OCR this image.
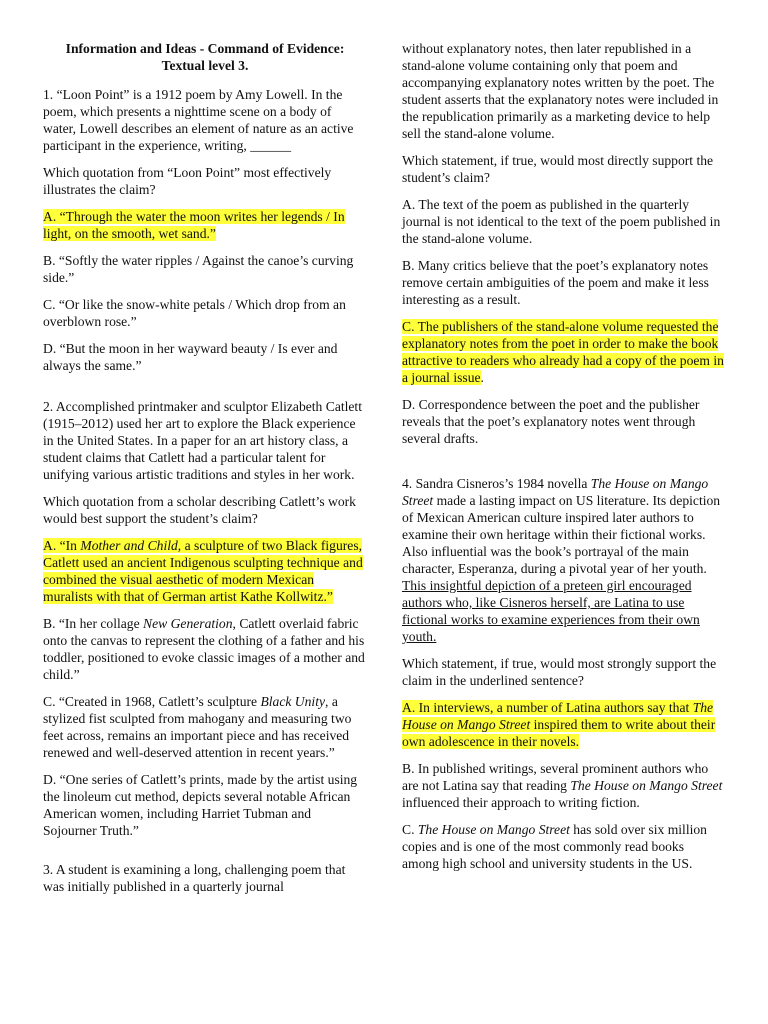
Information and Ideas - Command of Evidence:
Textual level 3.

1. “Loon Point” is a 1912 poem by Amy Lowell. In the poem, which presents a nighttime scene on a body of water, Lowell describes an element of nature as an active participant in the experience, writing, ______

Which quotation from “Loon Point” most effectively illustrates the claim?

A. “Through the water the moon writes her legends / In light, on the smooth, wet sand.”

B. “Softly the water ripples / Against the canoe’s curving side.”

C. “Or like the snow-white petals / Which drop from an overblown rose.”

D. “But the moon in her wayward beauty / Is ever and always the same.”

2. Accomplished printmaker and sculptor Elizabeth Catlett (1915–2012) used her art to explore the Black experience in the United States. In a paper for an art history class, a student claims that Catlett had a particular talent for unifying various artistic traditions and styles in her work.

Which quotation from a scholar describing Catlett’s work would best support the student’s claim?

A. “In Mother and Child, a sculpture of two Black figures, Catlett used an ancient Indigenous sculpting technique and combined the visual aesthetic of modern Mexican muralists with that of German artist Kathe Kollwitz.”

B. “In her collage New Generation, Catlett overlaid fabric onto the canvas to represent the clothing of a father and his toddler, positioned to evoke classic images of a mother and child.”

C. “Created in 1968, Catlett’s sculpture Black Unity, a stylized fist sculpted from mahogany and measuring two feet across, remains an important piece and has received renewed and well-deserved attention in recent years.”

D. “One series of Catlett’s prints, made by the artist using the linoleum cut method, depicts several notable African American women, including Harriet Tubman and Sojourner Truth.”

3. A student is examining a long, challenging poem that was initially published in a quarterly journal

without explanatory notes, then later republished in a stand-alone volume containing only that poem and accompanying explanatory notes written by the poet. The student asserts that the explanatory notes were included in the republication primarily as a marketing device to help sell the stand-alone volume.

Which statement, if true, would most directly support the student’s claim?

A. The text of the poem as published in the quarterly journal is not identical to the text of the poem published in the stand-alone volume.

B. Many critics believe that the poet’s explanatory notes remove certain ambiguities of the poem and make it less interesting as a result.

C. The publishers of the stand-alone volume requested the explanatory notes from the poet in order to make the book attractive to readers who already had a copy of the poem in a journal issue.

D. Correspondence between the poet and the publisher reveals that the poet’s explanatory notes went through several drafts.

4. Sandra Cisneros’s 1984 novella The House on Mango Street made a lasting impact on US literature. Its depiction of Mexican American culture inspired later authors to examine their own heritage within their fictional works. Also influential was the book’s portrayal of the main character, Esperanza, during a pivotal year of her youth. This insightful depiction of a preteen girl encouraged authors who, like Cisneros herself, are Latina to use fictional works to examine experiences from their own youth.

Which statement, if true, would most strongly support the claim in the underlined sentence?

A. In interviews, a number of Latina authors say that The House on Mango Street inspired them to write about their own adolescence in their novels.

B. In published writings, several prominent authors who are not Latina say that reading The House on Mango Street influenced their approach to writing fiction.

C. The House on Mango Street has sold over six million copies and is one of the most commonly read books among high school and university students in the US.
